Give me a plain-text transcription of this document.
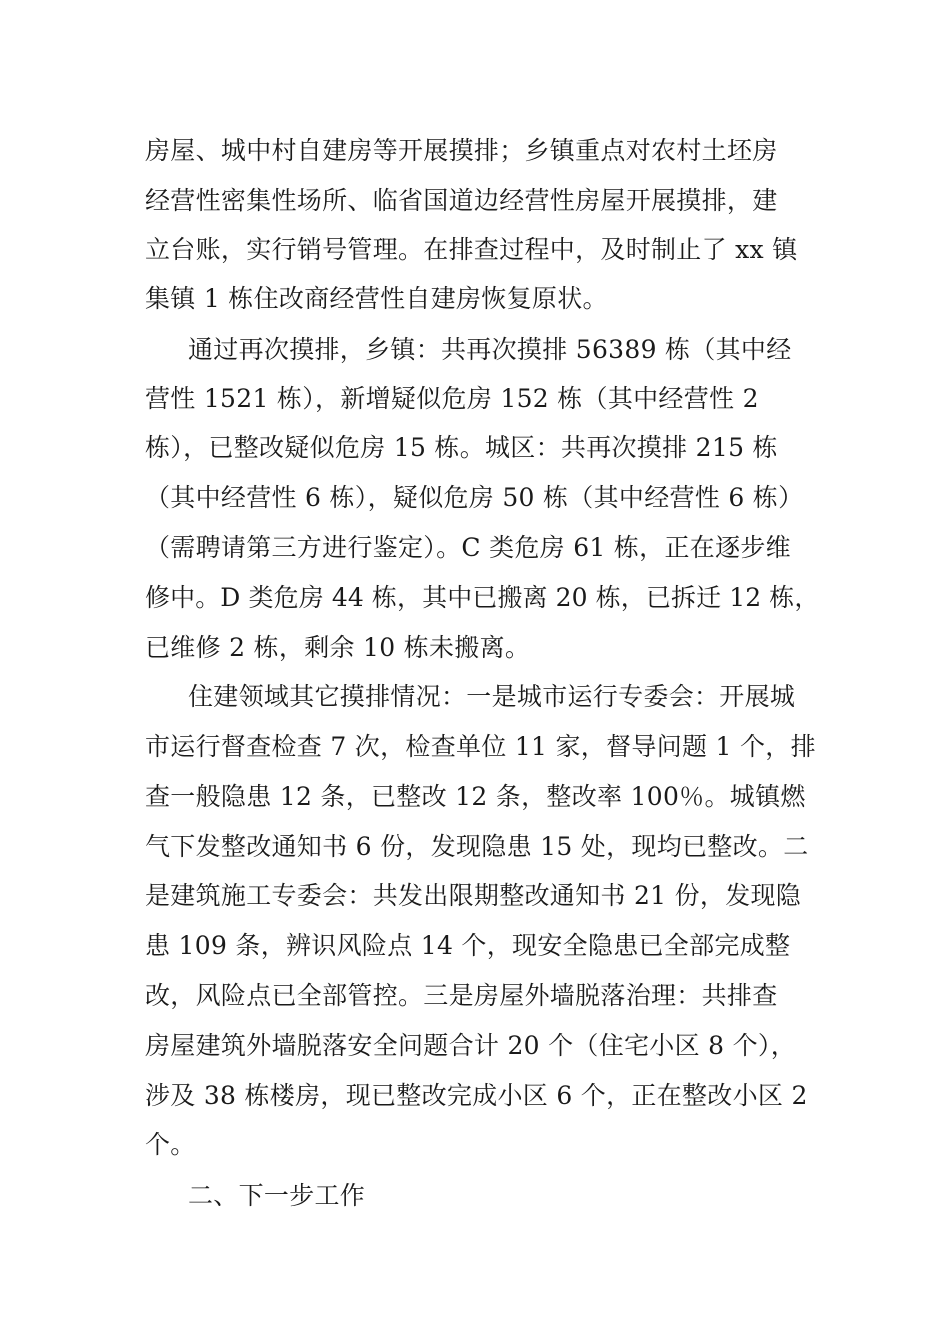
房屋、城中村自建房等开展摸排；乡镇重点对农村土坯房
经营性密集性场所、临省国道边经营性房屋开展摸排，建
立台账，实行销号管理。在排查过程中，及时制止了 xx 镇
集镇 1 栋住改商经营性自建房恢复原状。
通过再次摸排，乡镇：共再次摸排 56389 栋（其中经
营性 1521 栋），新增疑似危房 152 栋（其中经营性 2
栋），已整改疑似危房 15 栋。城区：共再次摸排 215 栋
（其中经营性 6 栋），疑似危房 50 栋（其中经营性 6 栋）
（需聘请第三方进行鉴定）。C 类危房 61 栋，正在逐步维
修中。D 类危房 44 栋，其中已搬离 20 栋，已拆迁 12 栋，
已维修 2 栋，剩余 10 栋未搬离。
住建领域其它摸排情况：一是城市运行专委会：开展城
市运行督查检查 7 次，检查单位 11 家，督导问题 1 个，排
查一般隐患 12 条，已整改 12 条，整改率 100％。城镇燃
气下发整改通知书 6 份，发现隐患 15 处，现均已整改。二
是建筑施工专委会：共发出限期整改通知书 21 份，发现隐
患 109 条，辨识风险点 14 个，现安全隐患已全部完成整
改，风险点已全部管控。三是房屋外墙脱落治理：共排查
房屋建筑外墙脱落安全问题合计 20 个（住宅小区 8 个），
涉及 38 栋楼房，现已整改完成小区 6 个，正在整改小区 2
个。
二、下一步工作
